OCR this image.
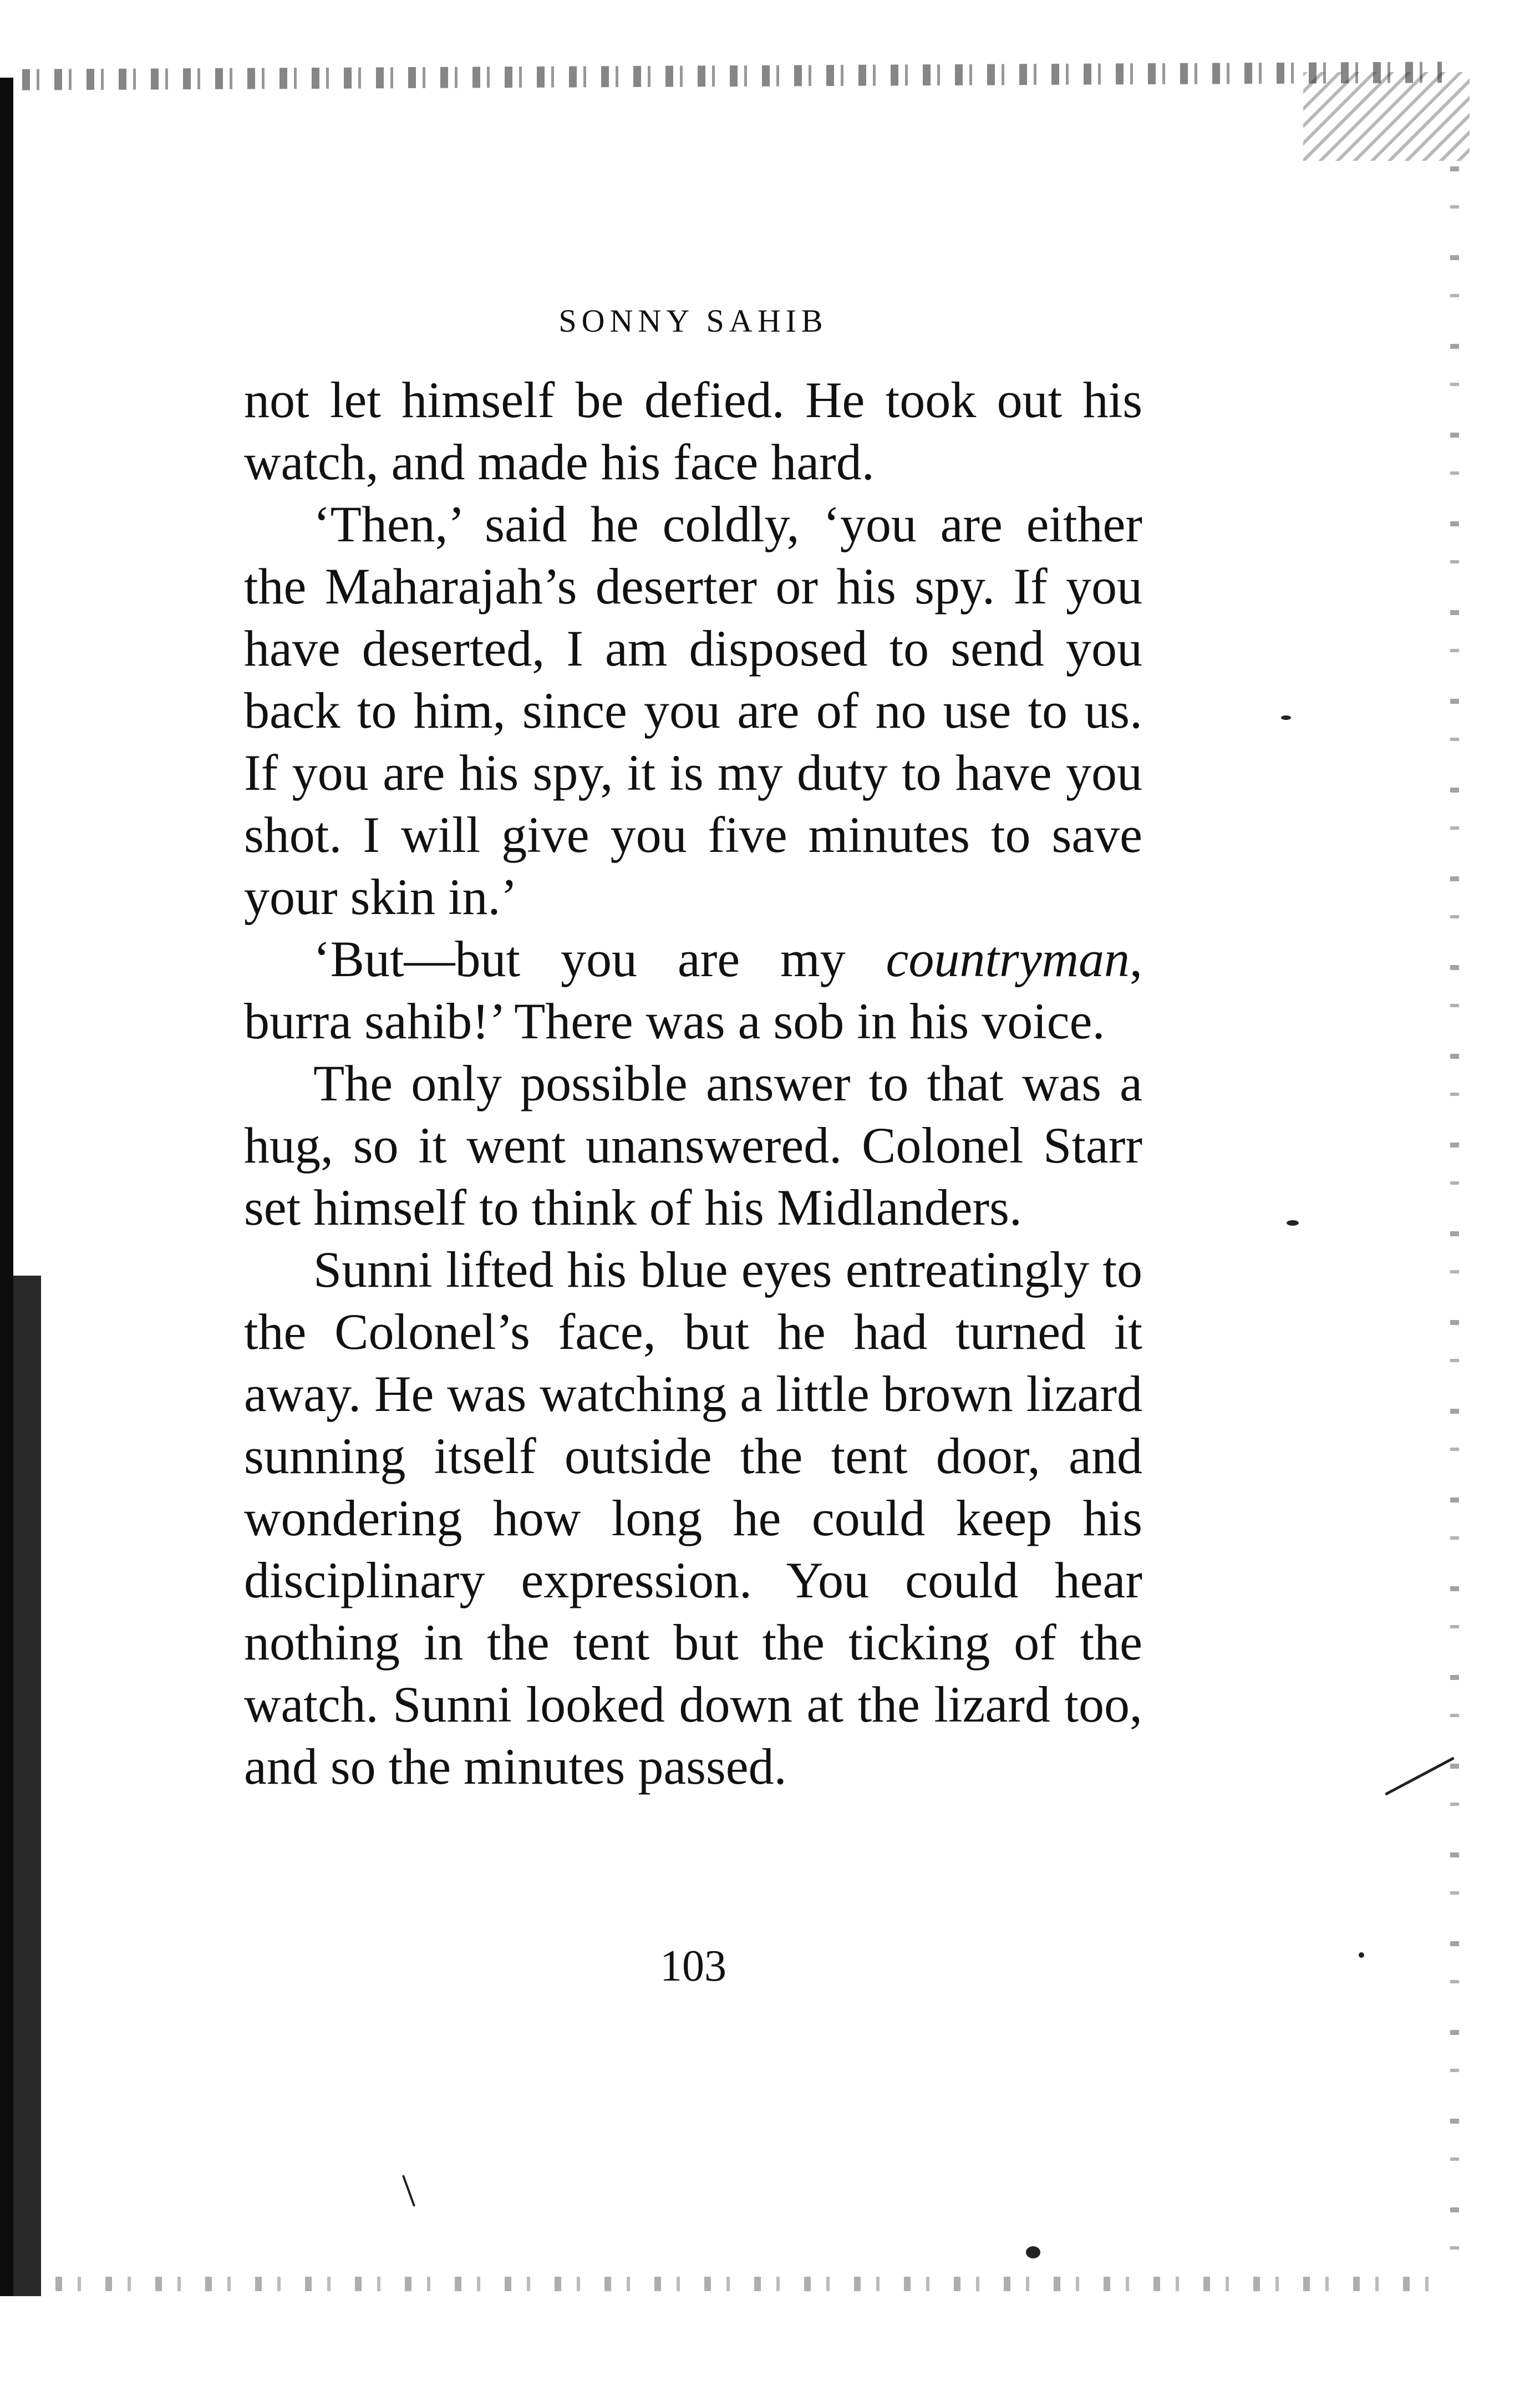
SONNY SAHIB

not let himself be defied. He took out his watch, and made his face hard.

‘Then,’ said he coldly, ‘you are either the Maharajah’s deserter or his spy. If you have deserted, I am disposed to send you back to him, since you are of no use to us. If you are his spy, it is my duty to have you shot. I will give you five minutes to save your skin in.’

‘But—but you are my countryman, burra sahib!’ There was a sob in his voice.

The only possible answer to that was a hug, so it went unanswered. Colonel Starr set himself to think of his Midlanders.

Sunni lifted his blue eyes entreatingly to the Colonel’s face, but he had turned it away. He was watching a little brown lizard sunning itself outside the tent door, and wondering how long he could keep his disciplinary expression. You could hear nothing in the tent but the ticking of the watch. Sunni looked down at the lizard too, and so the minutes passed.

103
